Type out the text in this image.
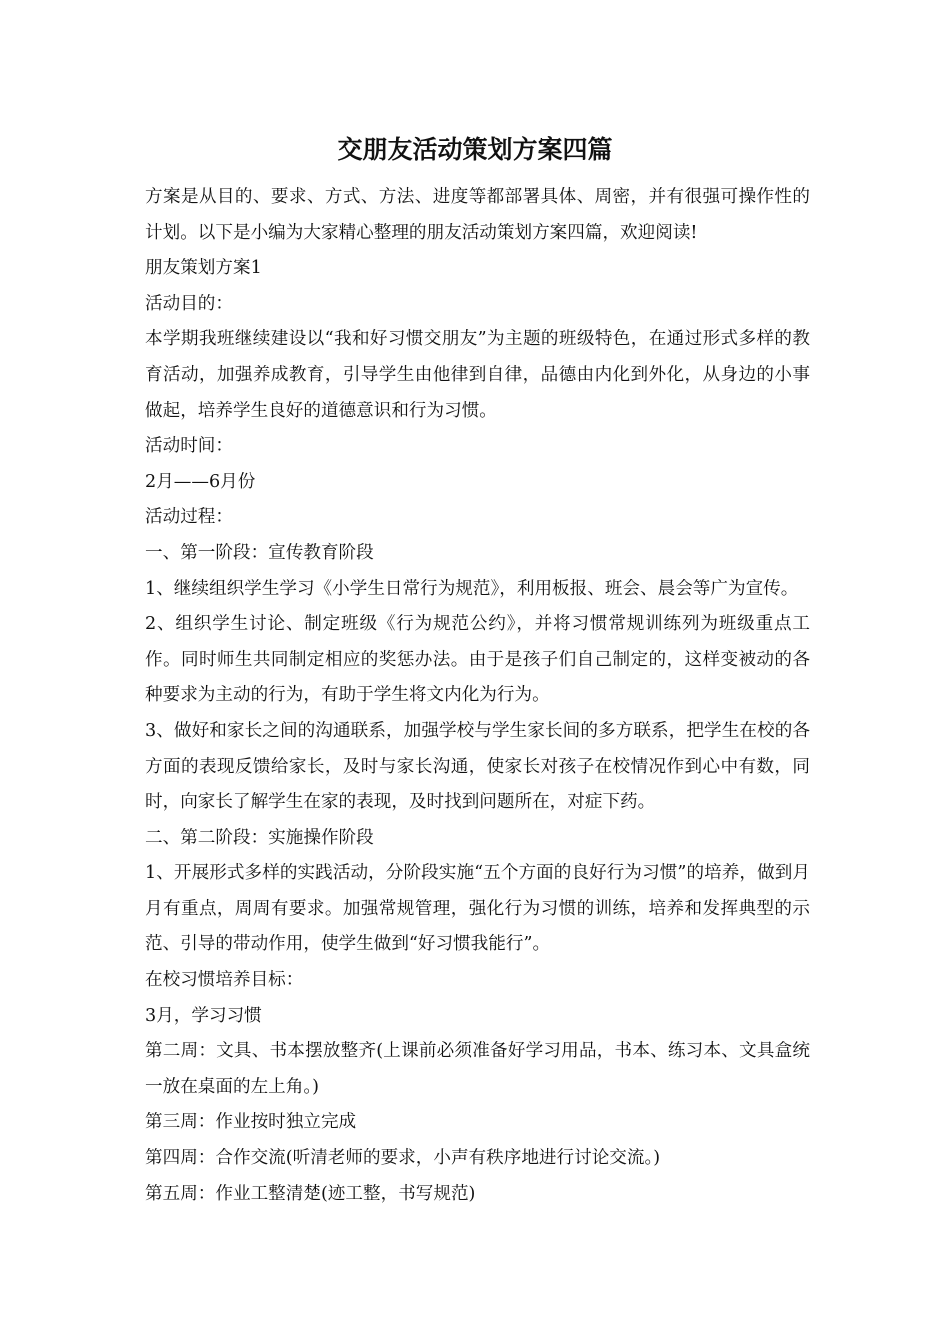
交朋友活动策划方案四篇

方案是从目的、要求、方式、方法、进度等都部署具体、周密，并有很强可操作性的计划。以下是小编为大家精心整理的朋友活动策划方案四篇，欢迎阅读!

朋友策划方案1

活动目的：

本学期我班继续建设以“我和好习惯交朋友”为主题的班级特色，在通过形式多样的教育活动，加强养成教育，引导学生由他律到自律，品德由内化到外化，从身边的小事做起，培养学生良好的道德意识和行为习惯。

活动时间：

2月——6月份

活动过程：

一、第一阶段：宣传教育阶段

1、继续组织学生学习《小学生日常行为规范》，利用板报、班会、晨会等广为宣传。

2、组织学生讨论、制定班级《行为规范公约》，并将习惯常规训练列为班级重点工作。同时师生共同制定相应的奖惩办法。由于是孩子们自己制定的，这样变被动的各种要求为主动的行为，有助于学生将文内化为行为。

3、做好和家长之间的沟通联系，加强学校与学生家长间的多方联系，把学生在校的各方面的表现反馈给家长，及时与家长沟通，使家长对孩子在校情况作到心中有数，同时，向家长了解学生在家的表现，及时找到问题所在，对症下药。

二、第二阶段：实施操作阶段

1、开展形式多样的实践活动，分阶段实施“五个方面的良好行为习惯”的培养，做到月月有重点，周周有要求。加强常规管理，强化行为习惯的训练，培养和发挥典型的示范、引导的带动作用，使学生做到“好习惯我能行”。

在校习惯培养目标：

3月，学习习惯

第二周：文具、书本摆放整齐(上课前必须准备好学习用品，书本、练习本、文具盒统一放在桌面的左上角。)

第三周：作业按时独立完成

第四周：合作交流(听清老师的要求，小声有秩序地进行讨论交流。)

第五周：作业工整清楚(迹工整，书写规范)
